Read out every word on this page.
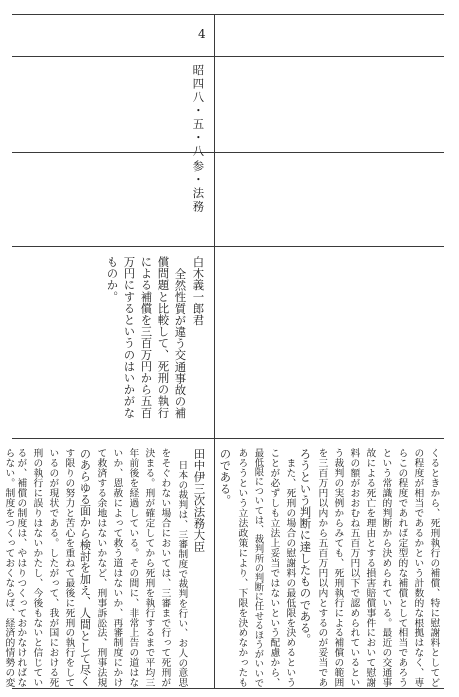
4
昭四八・五・八
参・法務
白木義一郎君
全然性質が違う交通事故の補
償問題と比較して、死刑の執行
による補償を三百万円から五百
万円にするというのはいかがな
ものか。
田中伊三次法務大臣
日本の裁判は、三審制度で裁判を行い、お人の意思
をそぐわない場合においては、三審まで行って死刑が
決まる。刑が確定してから死刑を執行するまで平均三
年前後を経過している。その間に、非常上告の道はな
いか、恩赦によって救う道はないか、再審制度にかけ
て救済する余地はないかなど、刑事訴訟法、刑事法規
のあらゆる面から検討を加え、人間として尽く
す限りの努力と苦心を重ねて最後に死刑の執行をして
いるのが現状である。したがって、我が国における死
刑の執行に誤りはないかたし、今後もないと信じてい
るが、補償の制度は、やはりつくっておかなければな
らない。制度をつくっておくならば、経済的情勢の変	くるときから、死刑執行の補償、特に慰謝料としてど
の程度が相当であるかという計数的な根拠はなく、専
らこの程度であれば定型的な補償として相当であろう
という常識的判断から決められている。最近の交通事
故による死亡を理由とする損害賠償事件において慰謝
料の額がおおむね五百万円以下で認められているとい
う裁判の実例からみても、死刑執行による補償の範囲
を三百万円以内から五百万円以内とするのが妥当であ
ろうという判断に達したものである。
　また、死刑の場合の慰謝料の最低限を決めるという
ことが必ずしも立法上妥当ではないという配慮から、
最低限については、裁判所の判断に任せるほうがいいで
あろうという立法政策により、下限を決めなかったも
のである。
